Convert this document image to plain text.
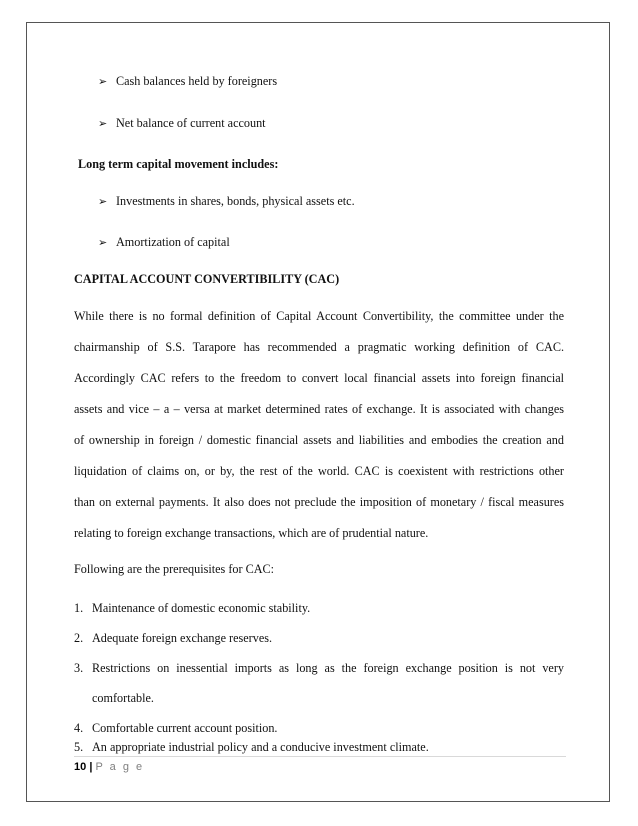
➢ Cash balances held by foreigners
➢ Net balance of current account
Long term capital movement includes:
➢ Investments in shares, bonds, physical assets etc.
➢ Amortization of capital
CAPITAL ACCOUNT CONVERTIBILITY (CAC)
While there is no formal definition of Capital Account Convertibility, the committee under the
chairmanship of S.S. Tarapore has recommended a pragmatic working definition of CAC.
Accordingly CAC refers to the freedom to convert local financial assets into foreign financial
assets and vice – a – versa at market determined rates of exchange. It is associated with changes
of ownership in foreign / domestic financial assets and liabilities and embodies the creation and
liquidation of claims on, or by, the rest of the world. CAC is coexistent with restrictions other
than on external payments. It also does not preclude the imposition of monetary / fiscal measures
relating to foreign exchange transactions, which are of prudential nature.
Following are the prerequisites for CAC:
1. Maintenance of domestic economic stability.
2. Adequate foreign exchange reserves.
3. Restrictions on inessential imports as long as the foreign exchange position is not very
comfortable.
4. Comfortable current account position.
5. An appropriate industrial policy and a conducive investment climate.
10 | P a g e
